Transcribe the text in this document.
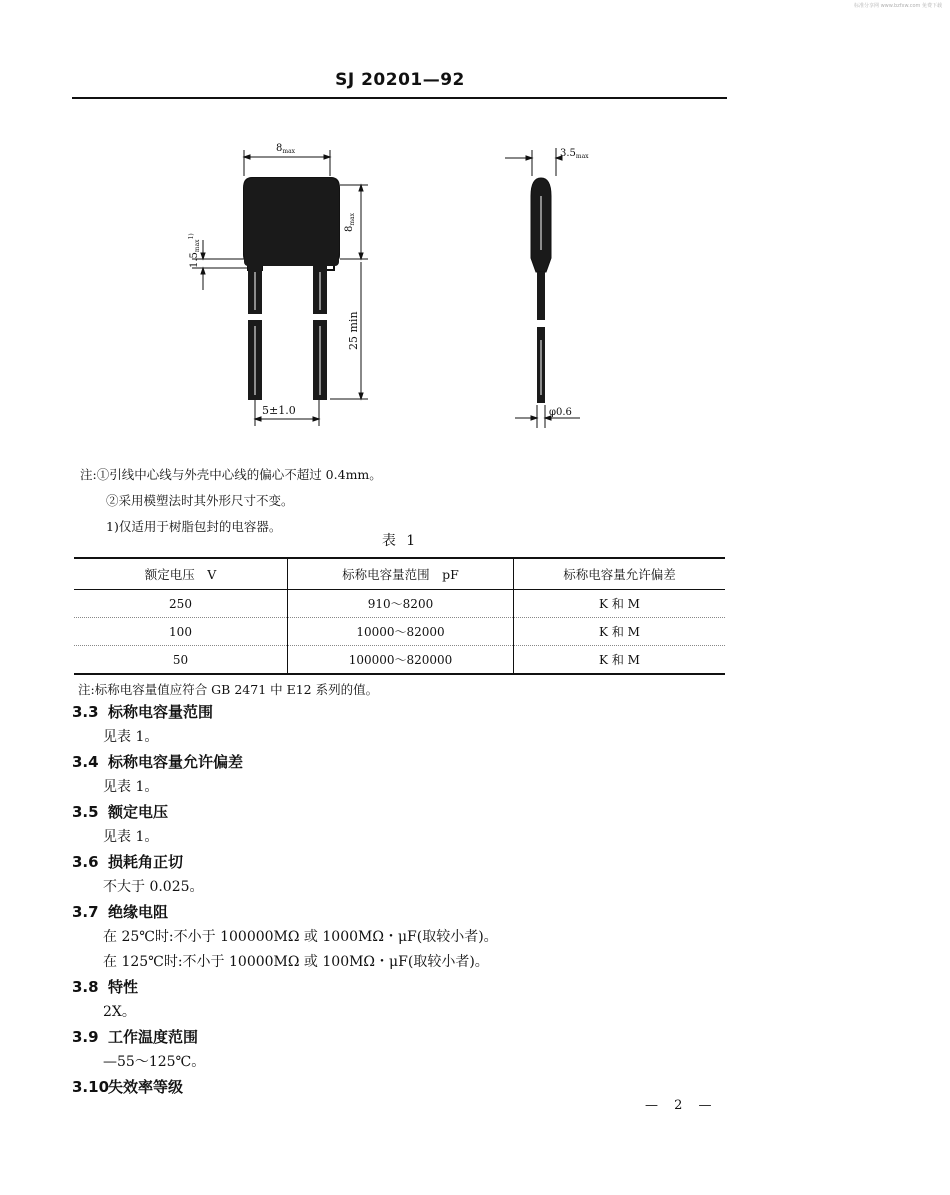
标准分享网 www.bzfxw.com 免费下载
SJ 20201—92
$8_{max}$
$8_{max}$
25 min
5±1.0
$1.5_{max}^{1)}$
$3.5_{max}$
φ0.6
注:①引线中心线与外壳中心线的偏心不超过 0.4mm。
②采用模塑法时其外形尺寸不变。
1)仅适用于树脂包封的电容器。
表 1
额定电压　V	标称电容量范围　pF	标称电容量允许偏差
250	910～8200	K 和 M
100	10000～82000	K 和 M
50	100000～820000	K 和 M
注:标称电容量值应符合 GB 2471 中 E12 系列的值。
3.3 标称电容量范围
见表 1。
3.4 标称电容量允许偏差
见表 1。
3.5 额定电压
见表 1。
3.6 损耗角正切
不大于 0.025。
3.7 绝缘电阻
在 25℃时:不小于 100000MΩ 或 1000MΩ・μF(取较小者)。
在 125℃时:不小于 10000MΩ 或 100MΩ・μF(取较小者)。
3.8 特性
2X。
3.9 工作温度范围
—55～125℃。
3.10失效率等级
— 2 —
